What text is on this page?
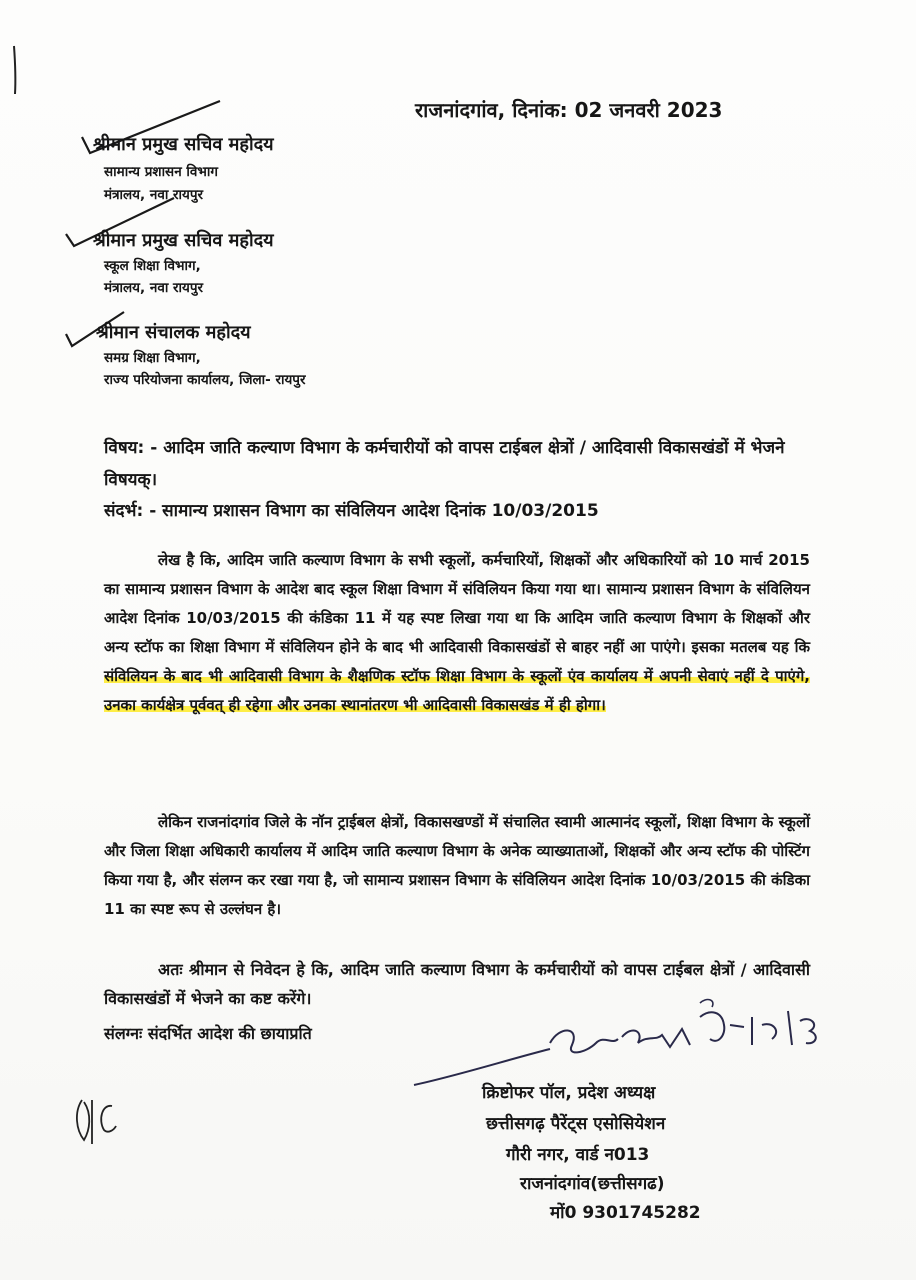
राजनांदगांव, दिनांक: 02 जनवरी 2023
श्रीमान प्रमुख सचिव महोदय
सामान्य प्रशासन विभाग
मंत्रालय, नवा रायपुर
श्रीमान प्रमुख सचिव महोदय
स्कूल शिक्षा विभाग,
मंत्रालय, नवा रायपुर
श्रीमान संचालक महोदय
समग्र शिक्षा विभाग,
राज्य परियोजना कार्यालय, जिला- रायपुर
विषय: - आदिम जाति कल्याण विभाग के कर्मचारीयों को वापस टाईबल क्षेत्रों / आदिवासी विकासखंडों में भेजने विषयक्।
संदर्भ: - सामान्य प्रशासन विभाग का संविलियन आदेश दिनांक 10/03/2015
लेख है कि, आदिम जाति कल्याण विभाग के सभी स्कूलों, कर्मचारियों, शिक्षकों और अधिकारियों को 10 मार्च 2015 का सामान्य प्रशासन विभाग के आदेश बाद स्कूल शिक्षा विभाग में संविलियन किया गया था। सामान्य प्रशासन विभाग के संविलियन आदेश दिनांक 10/03/2015 की कंडिका 11 में यह स्पष्ट लिखा गया था कि आदिम जाति कल्याण विभाग के शिक्षकों और अन्य स्टॉफ का शिक्षा विभाग में संविलियन होने के बाद भी आदिवासी विकासखंडों से बाहर नहीं आ पाएंगे। इसका मतलब यह कि संविलियन के बाद भी आदिवासी विभाग के शैक्षणिक स्टॉफ शिक्षा विभाग के स्कूलों एंव कार्यालय में अपनी सेवाएं नहीं दे पाएंगे, उनका कार्यक्षेत्र पूर्ववत् ही रहेगा और उनका स्थानांतरण भी आदिवासी विकासखंड में ही होगा।
लेकिन राजनांदगांव जिले के नॉन ट्राईबल क्षेत्रों, विकासखण्डों में संचालित स्वामी आत्मानंद स्कूलों, शिक्षा विभाग के स्कूलों और जिला शिक्षा अधिकारी कार्यालय में आदिम जाति कल्याण विभाग के अनेक व्याख्याताओं, शिक्षकों और अन्य स्टॉफ की पोस्टिंग किया गया है, और संलग्न कर रखा गया है, जो सामान्य प्रशासन विभाग के संविलियन आदेश दिनांक 10/03/2015 की कंडिका 11 का स्पष्ट रूप से उल्लंघन है।
अतः श्रीमान से निवेदन हे कि, आदिम जाति कल्याण विभाग के कर्मचारीयों को वापस टाईबल क्षेत्रों / आदिवासी विकासखंडों में भेजने का कष्ट करेंगे।
संलग्नः संदर्भित आदेश की छायाप्रति
क्रिष्टोफर पॉल, प्रदेश अध्यक्ष
छत्तीसगढ़ पैरेंट्स एसोसियेशन
गौरी नगर, वार्ड न013
राजनांदगांव(छत्तीसगढ)
मों0 9301745282
